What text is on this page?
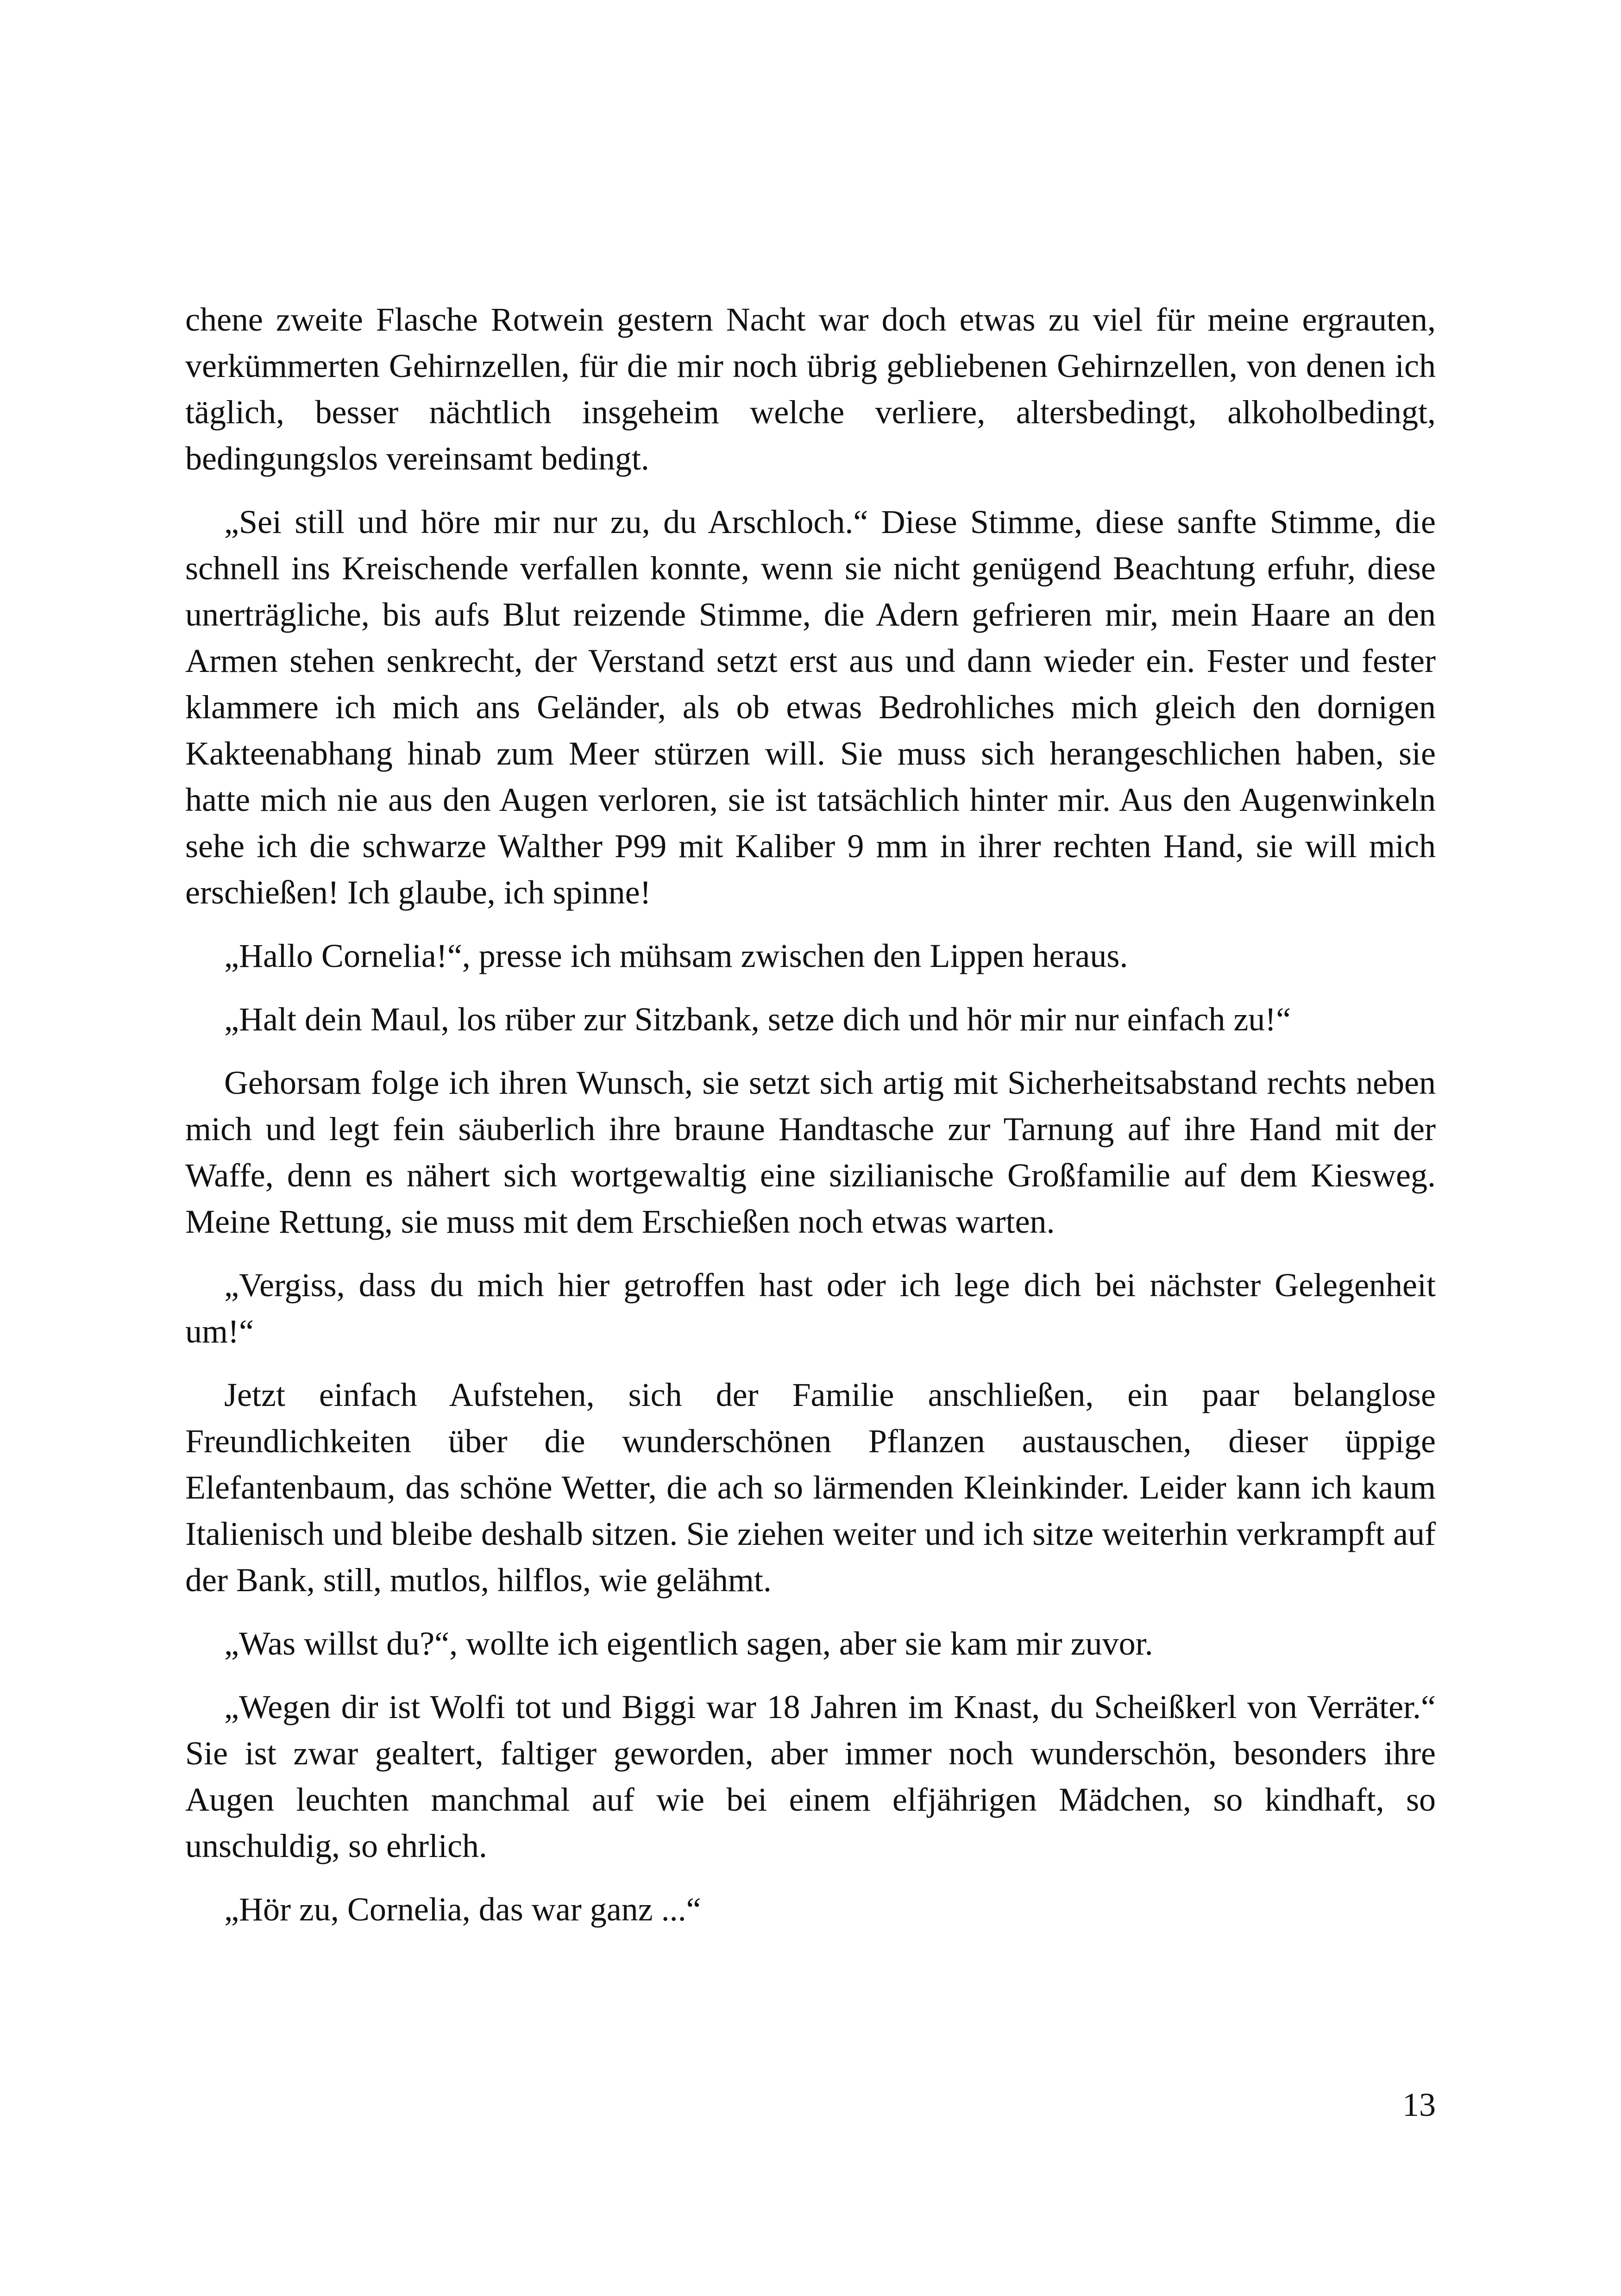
chene zweite Flasche Rotwein gestern Nacht war doch etwas zu viel für meine ergrauten, verkümmerten Gehirnzellen, für die mir noch übrig gebliebenen Gehirnzellen, von denen ich täglich, besser nächtlich insgeheim welche verliere, altersbedingt, alkoholbedingt, bedingungslos vereinsamt bedingt.

„Sei still und höre mir nur zu, du Arschloch.“ Diese Stimme, diese sanfte Stimme, die schnell ins Kreischende verfallen konnte, wenn sie nicht genügend Beachtung erfuhr, diese unerträgliche, bis aufs Blut reizende Stimme, die Adern gefrieren mir, mein Haare an den Armen stehen senkrecht, der Verstand setzt erst aus und dann wieder ein. Fester und fester klammere ich mich ans Geländer, als ob etwas Bedrohliches mich gleich den dornigen Kakteenabhang hinab zum Meer stürzen will. Sie muss sich herangeschlichen haben, sie hatte mich nie aus den Augen verloren, sie ist tatsächlich hinter mir. Aus den Augenwinkeln sehe ich die schwarze Walther P99 mit Kaliber 9 mm in ihrer rechten Hand, sie will mich erschießen! Ich glaube, ich spinne!

„Hallo Cornelia!“, presse ich mühsam zwischen den Lippen heraus.

„Halt dein Maul, los rüber zur Sitzbank, setze dich und hör mir nur einfach zu!“

Gehorsam folge ich ihren Wunsch, sie setzt sich artig mit Sicherheitsabstand rechts neben mich und legt fein säuberlich ihre braune Handtasche zur Tarnung auf ihre Hand mit der Waffe, denn es nähert sich wortgewaltig eine sizilianische Großfamilie auf dem Kiesweg. Meine Rettung, sie muss mit dem Erschießen noch etwas warten.

„Vergiss, dass du mich hier getroffen hast oder ich lege dich bei nächster Gelegenheit um!“

Jetzt einfach Aufstehen, sich der Familie anschließen, ein paar belanglose Freundlichkeiten über die wunderschönen Pflanzen austauschen, dieser üppige Elefantenbaum, das schöne Wetter, die ach so lärmenden Kleinkinder. Leider kann ich kaum Italienisch und bleibe deshalb sitzen. Sie ziehen weiter und ich sitze weiterhin verkrampft auf der Bank, still, mutlos, hilflos, wie gelähmt.

„Was willst du?“, wollte ich eigentlich sagen, aber sie kam mir zuvor.

„Wegen dir ist Wolfi tot und Biggi war 18 Jahren im Knast, du Scheißkerl von Verräter.“ Sie ist zwar gealtert, faltiger geworden, aber immer noch wunderschön, besonders ihre Augen leuchten manchmal auf wie bei einem elfjährigen Mädchen, so kindhaft, so unschuldig, so ehrlich.

„Hör zu, Cornelia, das war ganz ...“

13
